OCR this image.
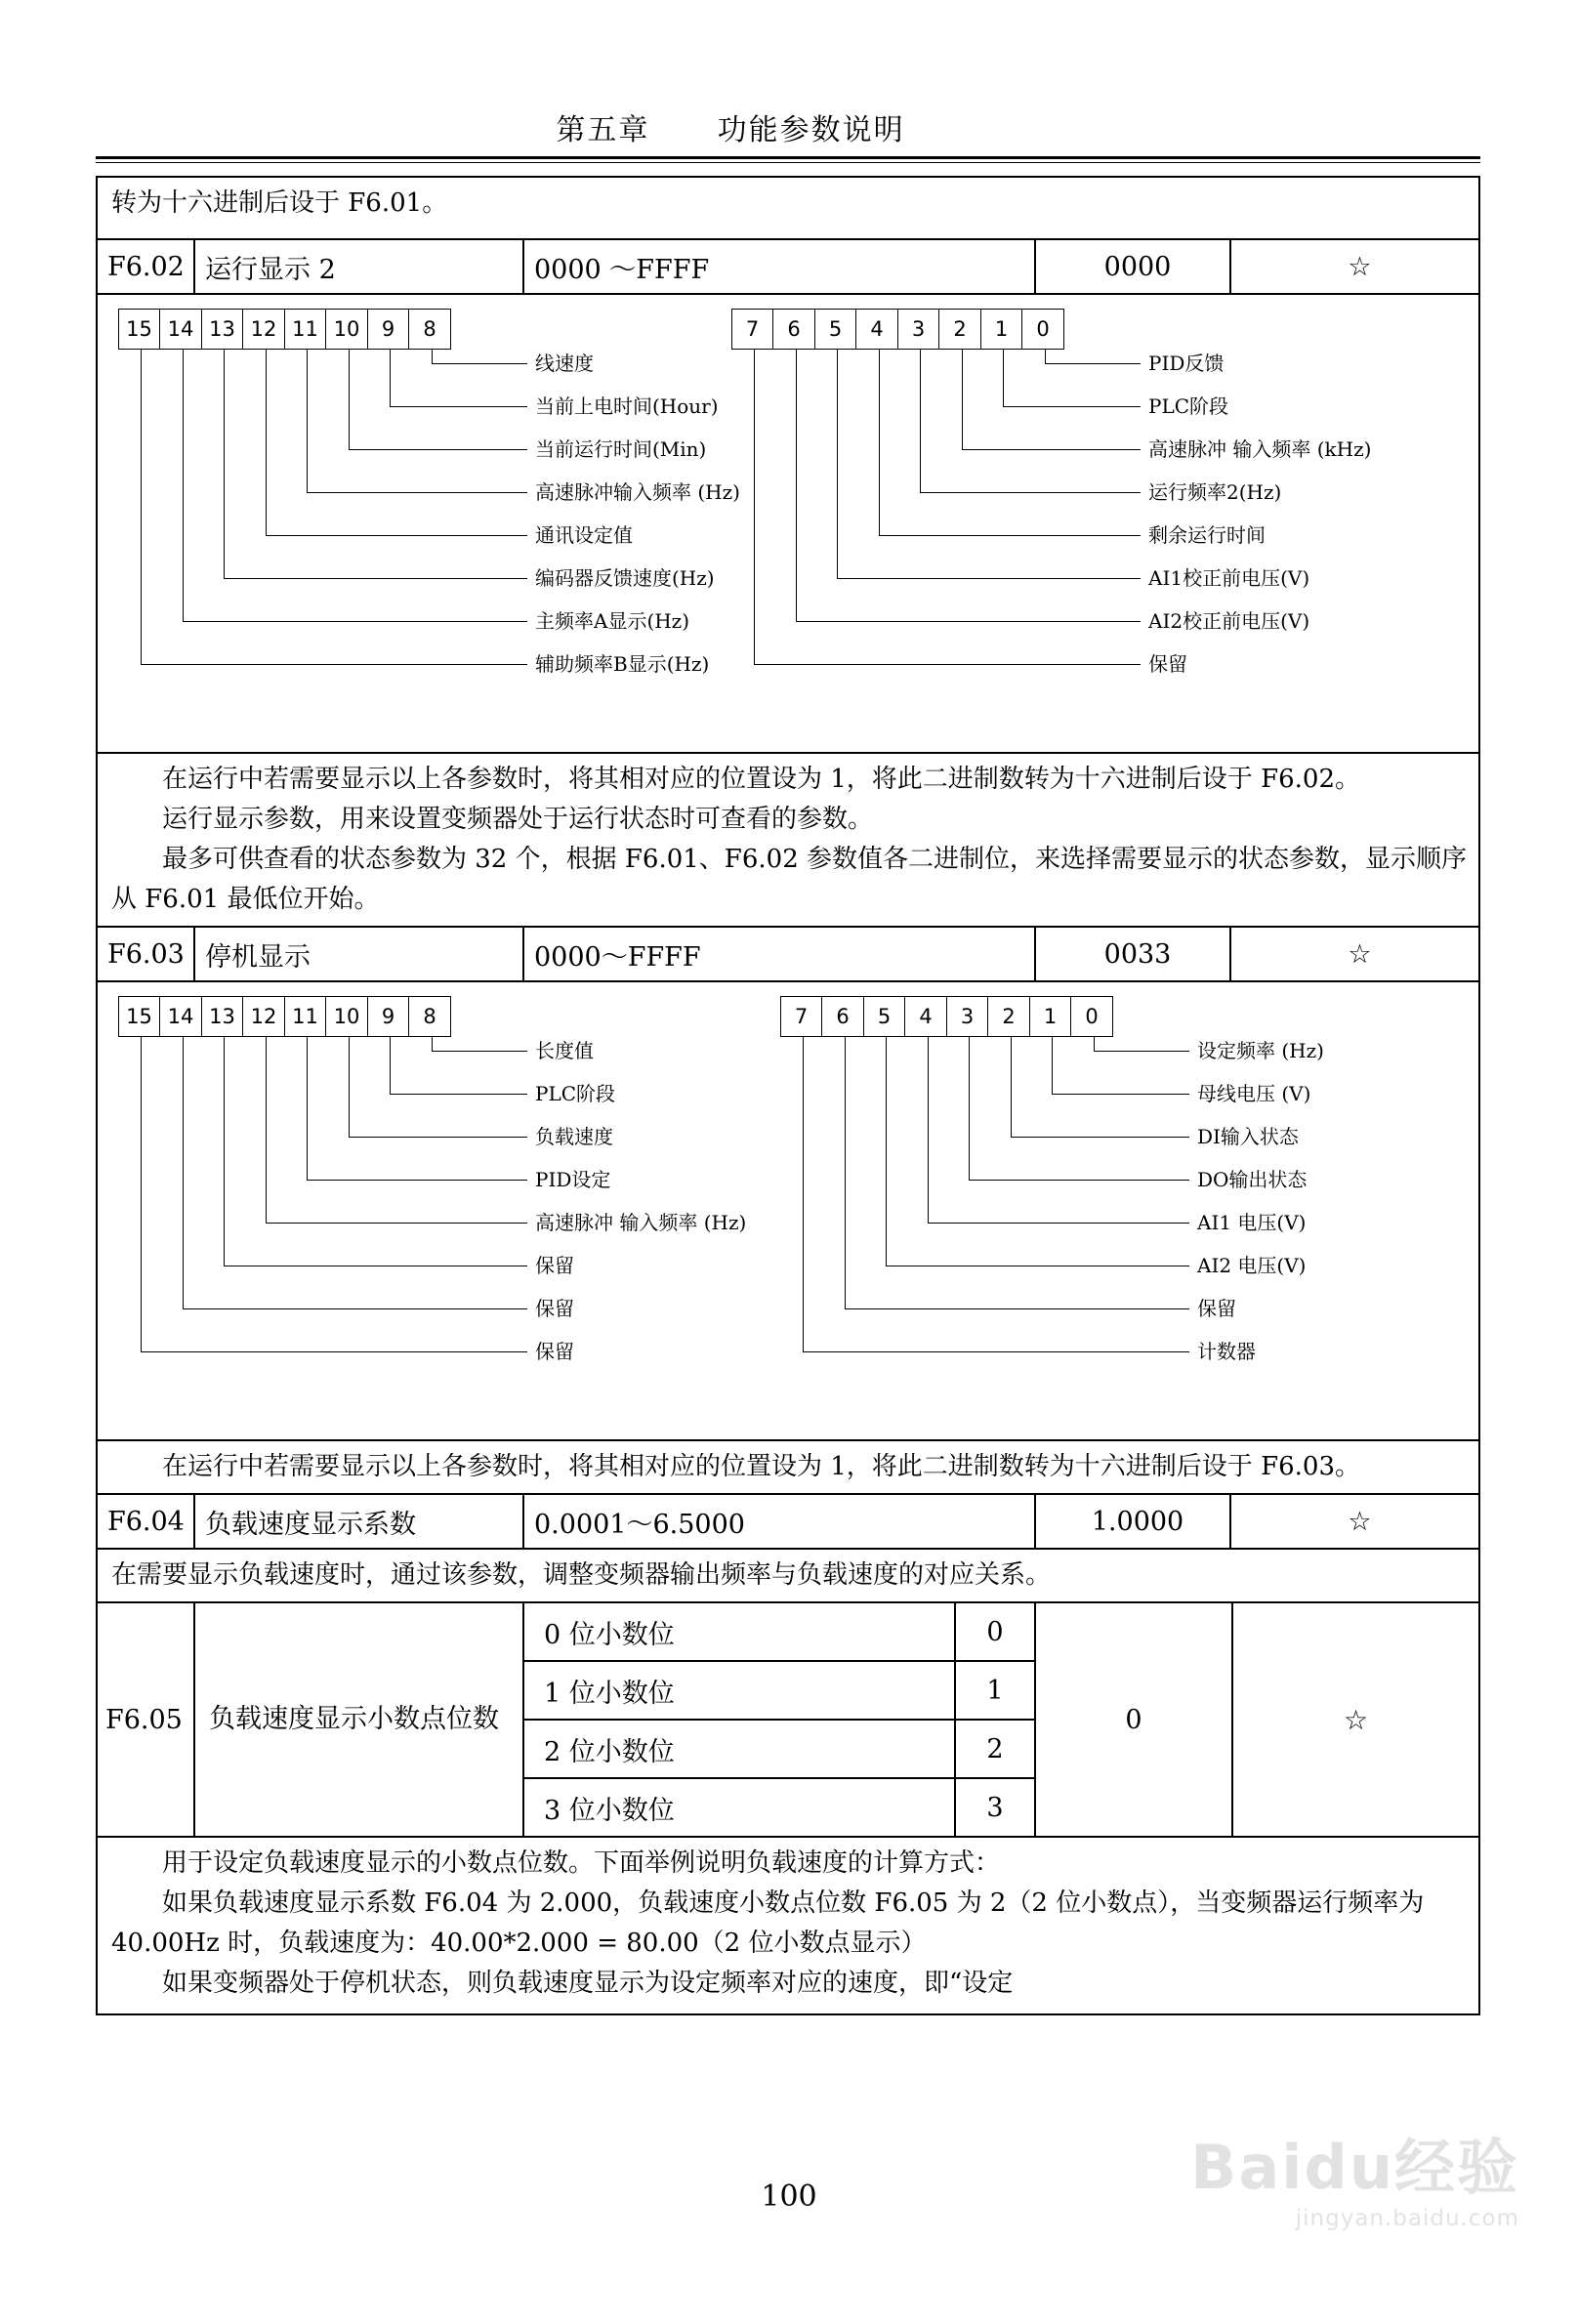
第五章 功能参数说明

转为十六进制后设于 F6.01。

F6.02 运行显示 2	0000 ～FFFF	0000	☆
15 14 13 12 11 10	9	8
线速度
当前上电时间(Hour)
当前运行时间(Min)
高速脉冲输入频率 (Hz)
通讯设定值
编码器反馈速度(Hz)
主频率A显示(Hz)
辅助频率B显示(Hz)
7	6	5	4	3	2	1	0
PID反馈
PLC阶段
高速脉冲 输入频率 (kHz)
运行频率2(Hz)
剩余运行时间
AI1校正前电压(V)
AI2校正前电压(V)
保留

在运行中若需要显示以上各参数时，将其相对应的位置设为 1，将此二进制数转为十六进制后设于 F6.02。

运行显示参数，用来设置变频器处于运行状态时可查看的参数。

最多可供查看的状态参数为 32 个，根据 F6.01、F6.02 参数值各二进制位，来选择需要显示的状态参数，显示顺序从 F6.01 最低位开始。

F6.03 停机显示	0000～FFFF	0033	☆
15 14 13 12 11 10	9	8
长度值
PLC阶段
负载速度
PID设定
高速脉冲 输入频率 (Hz)
保留
保留
保留
7	6	5	4	3	2	1	0
设定频率 (Hz)
母线电压 (V)
DI输入状态
DO输出状态
AI1 电压(V)
AI2 电压(V)
保留
计数器

在运行中若需要显示以上各参数时，将其相对应的位置设为 1，将此二进制数转为十六进制后设于 F6.03。

F6.04 负载速度显示系数	0.0001～6.5000	1.0000	☆

在需要显示负载速度时，通过该参数，调整变频器输出频率与负载速度的对应关系。

F6.05	负载速度显示小数点位数
0 位小数位	0
1 位小数位	1
2 位小数位	2
3 位小数位	3
0	☆

用于设定负载速度显示的小数点位数。下面举例说明负载速度的计算方式：

如果负载速度显示系数 F6.04 为 2.000，负载速度小数点位数 F6.05 为 2（2 位小数点），当变频器运行频率为 40.00Hz 时，负载速度为：40.00*2.000 = 80.00（2 位小数点显示）

如果变频器处于停机状态，则负载速度显示为设定频率对应的速度，即“设定

Baidu经验
jingyan.baidu.com
100
